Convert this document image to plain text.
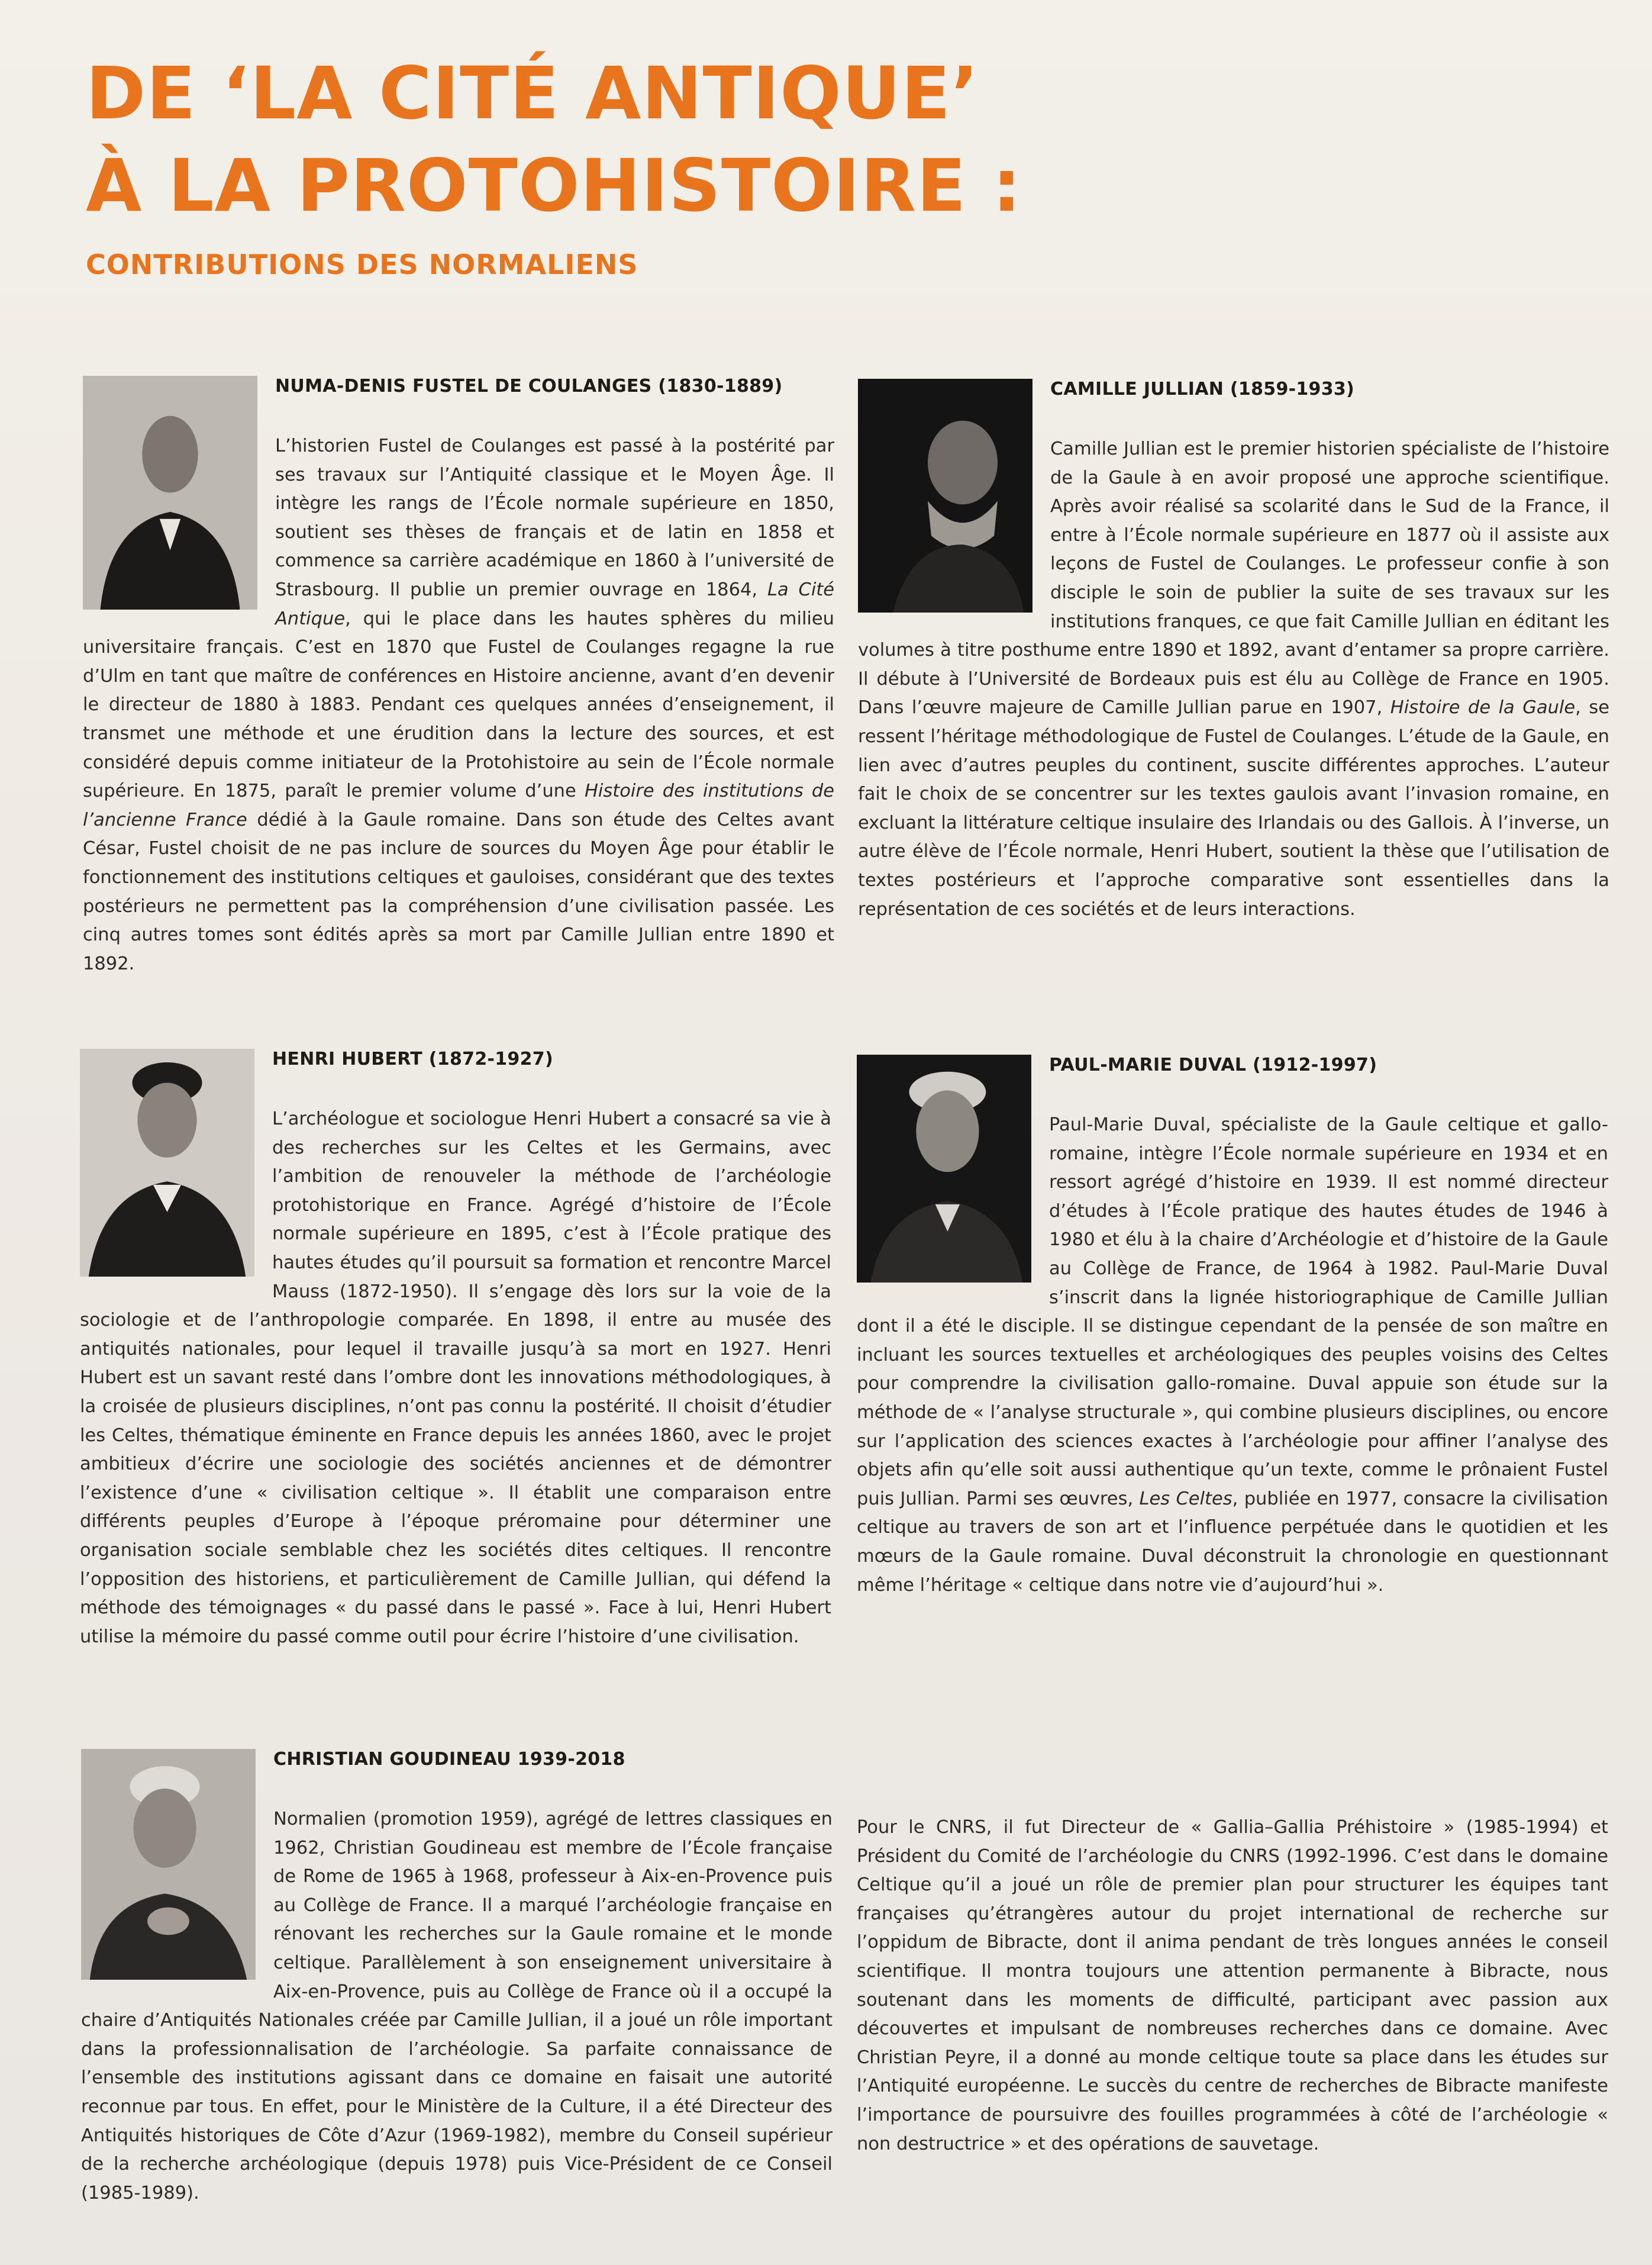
DE ‘LA CITÉ ANTIQUE’
À LA PROTOHISTOIRE :
CONTRIBUTIONS DES NORMALIENS
NUMA-DENIS FUSTEL DE COULANGES (1830-1889)

L’historien Fustel de Coulanges est passé à la postérité par ses travaux sur l’Antiquité classique et le Moyen Âge. Il intègre les rangs de l’École normale supérieure en 1850, soutient ses thèses de français et de latin en 1858 et commence sa carrière académique en 1860 à l’université de Strasbourg. Il publie un premier ouvrage en 1864, La Cité Antique, qui le place dans les hautes sphères du milieu universitaire français. C’est en 1870 que Fustel de Coulanges regagne la rue d’Ulm en tant que maître de conférences en Histoire ancienne, avant d’en devenir le directeur de 1880 à 1883. Pendant ces quelques années d’enseignement, il transmet une méthode et une érudition dans la lecture des sources, et est considéré depuis comme initiateur de la Protohistoire au sein de l’École normale supérieure. En 1875, paraît le premier volume d’une Histoire des institutions de l’ancienne France dédié à la Gaule romaine. Dans son étude des Celtes avant César, Fustel choisit de ne pas inclure de sources du Moyen Âge pour établir le fonctionnement des institutions celtiques et gauloises, considérant que des textes postérieurs ne permettent pas la compréhension d’une civilisation passée. Les cinq autres tomes sont édités après sa mort par Camille Jullian entre 1890 et 1892.

CAMILLE JULLIAN (1859-1933)

Camille Jullian est le premier historien spécialiste de l’histoire de la Gaule à en avoir proposé une approche scientifique. Après avoir réalisé sa scolarité dans le Sud de la France, il entre à l’École normale supérieure en 1877 où il assiste aux leçons de Fustel de Coulanges. Le professeur confie à son disciple le soin de publier la suite de ses travaux sur les institutions franques, ce que fait Camille Jullian en éditant les volumes à titre posthume entre 1890 et 1892, avant d’entamer sa propre carrière. Il débute à l’Université de Bordeaux puis est élu au Collège de France en 1905. Dans l’œuvre majeure de Camille Jullian parue en 1907, Histoire de la Gaule, se ressent l’héritage méthodologique de Fustel de Coulanges. L’étude de la Gaule, en lien avec d’autres peuples du continent, suscite différentes approches. L’auteur fait le choix de se concentrer sur les textes gaulois avant l’invasion romaine, en excluant la littérature celtique insulaire des Irlandais ou des Gallois. À l’inverse, un autre élève de l’École normale, Henri Hubert, soutient la thèse que l’utilisation de textes postérieurs et l’approche comparative sont essentielles dans la représentation de ces sociétés et de leurs interactions.

HENRI HUBERT (1872-1927)

L’archéologue et sociologue Henri Hubert a consacré sa vie à des recherches sur les Celtes et les Germains, avec l’ambition de renouveler la méthode de l’archéologie protohistorique en France. Agrégé d’histoire de l’École normale supérieure en 1895, c’est à l’École pratique des hautes études qu’il poursuit sa formation et rencontre Marcel Mauss (1872-1950). Il s’engage dès lors sur la voie de la sociologie et de l’anthropologie comparée. En 1898, il entre au musée des antiquités nationales, pour lequel il travaille jusqu’à sa mort en 1927. Henri Hubert est un savant resté dans l’ombre dont les innovations méthodologiques, à la croisée de plusieurs disciplines, n’ont pas connu la postérité. Il choisit d’étudier les Celtes, thématique éminente en France depuis les années 1860, avec le projet ambitieux d’écrire une sociologie des sociétés anciennes et de démontrer l’existence d’une « civilisation celtique ». Il établit une comparaison entre différents peuples d’Europe à l’époque préromaine pour déterminer une organisation sociale semblable chez les sociétés dites celtiques. Il rencontre l’opposition des historiens, et particulièrement de Camille Jullian, qui défend la méthode des témoignages « du passé dans le passé ». Face à lui, Henri Hubert utilise la mémoire du passé comme outil pour écrire l’histoire d’une civilisation.

PAUL-MARIE DUVAL (1912-1997)

Paul-Marie Duval, spécialiste de la Gaule celtique et gallo-romaine, intègre l’École normale supérieure en 1934 et en ressort agrégé d’histoire en 1939. Il est nommé directeur d’études à l’École pratique des hautes études de 1946 à 1980 et élu à la chaire d’Archéologie et d’histoire de la Gaule au Collège de France, de 1964 à 1982. Paul-Marie Duval s’inscrit dans la lignée historiographique de Camille Jullian dont il a été le disciple. Il se distingue cependant de la pensée de son maître en incluant les sources textuelles et archéologiques des peuples voisins des Celtes pour comprendre la civilisation gallo-romaine. Duval appuie son étude sur la méthode de « l’analyse structurale », qui combine plusieurs disciplines, ou encore sur l’application des sciences exactes à l’archéologie pour affiner l’analyse des objets afin qu’elle soit aussi authentique qu’un texte, comme le prônaient Fustel puis Jullian. Parmi ses œuvres, Les Celtes, publiée en 1977, consacre la civilisation celtique au travers de son art et l’influence perpétuée dans le quotidien et les mœurs de la Gaule romaine. Duval déconstruit la chronologie en questionnant même l’héritage « celtique dans notre vie d’aujourd’hui ».

CHRISTIAN GOUDINEAU 1939-2018

Normalien (promotion 1959), agrégé de lettres classiques en 1962, Christian Goudineau est membre de l’École française de Rome de 1965 à 1968, professeur à Aix-en-Provence puis au Collège de France. Il a marqué l’archéologie française en rénovant les recherches sur la Gaule romaine et le monde celtique. Parallèlement à son enseignement universitaire à Aix-en-Provence, puis au Collège de France où il a occupé la chaire d’Antiquités Nationales créée par Camille Jullian, il a joué un rôle important dans la professionnalisation de l’archéologie. Sa parfaite connaissance de l’ensemble des institutions agissant dans ce domaine en faisait une autorité reconnue par tous. En effet, pour le Ministère de la Culture, il a été Directeur des Antiquités historiques de Côte d’Azur (1969-1982), membre du Conseil supérieur de la recherche archéologique (depuis 1978) puis Vice-Président de ce Conseil (1985-1989).

Pour le CNRS, il fut Directeur de « Gallia–Gallia Préhistoire » (1985-1994) et Président du Comité de l’archéologie du CNRS (1992-1996. C’est dans le domaine Celtique qu’il a joué un rôle de premier plan pour structurer les équipes tant françaises qu’étrangères autour du projet international de recherche sur l’oppidum de Bibracte, dont il anima pendant de très longues années le conseil scientifique. Il montra toujours une attention permanente à Bibracte, nous soutenant dans les moments de difficulté, participant avec passion aux découvertes et impulsant de nombreuses recherches dans ce domaine. Avec Christian Peyre, il a donné au monde celtique toute sa place dans les études sur l’Antiquité européenne. Le succès du centre de recherches de Bibracte manifeste l’importance de poursuivre des fouilles programmées à côté de l’archéologie « non destructrice » et des opérations de sauvetage.
